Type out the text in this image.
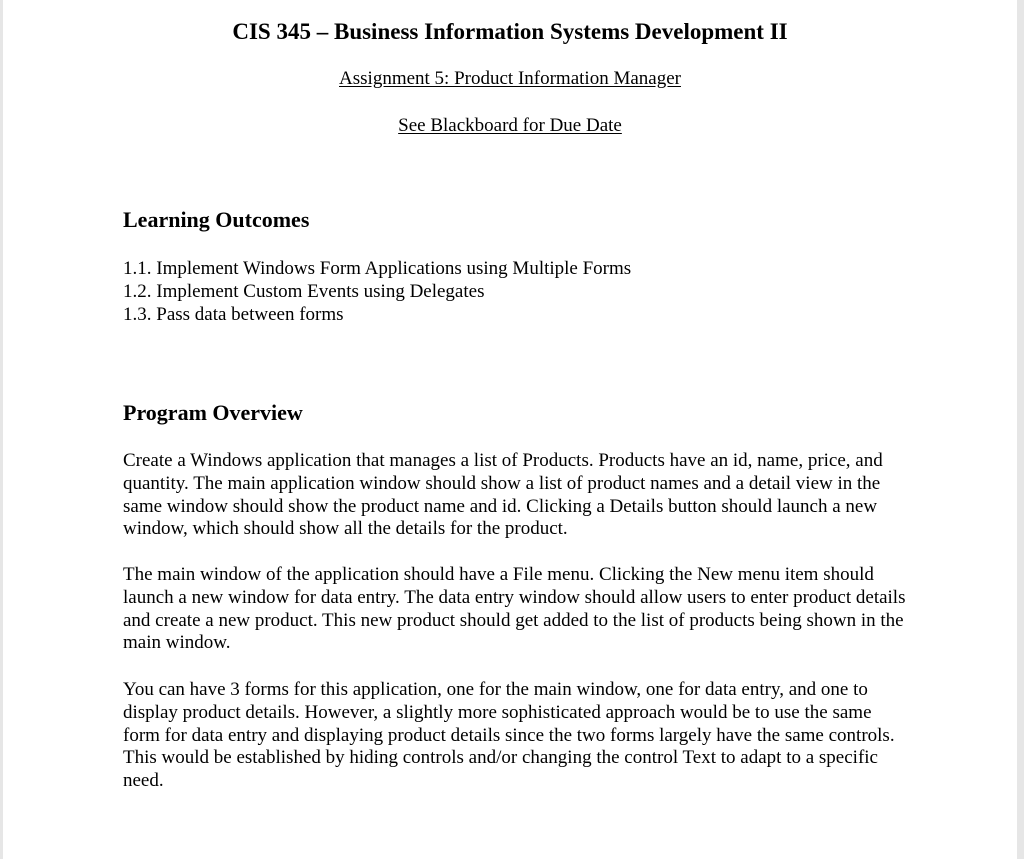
CIS 345 – Business Information Systems Development II

Assignment 5: Product Information Manager

See Blackboard for Due Date

Learning Outcomes
1.1. Implement Windows Form Applications using Multiple Forms
1.2. Implement Custom Events using Delegates
1.3. Pass data between forms
Program Overview

Create a Windows application that manages a list of Products. Products have an id, name, price, and quantity. The main application window should show a list of product names and a detail view in the same window should show the product name and id. Clicking a Details button should launch a new window, which should show all the details for the product.

The main window of the application should have a File menu. Clicking the New menu item should launch a new window for data entry. The data entry window should allow users to enter product details and create a new product. This new product should get added to the list of products being shown in the main window.

You can have 3 forms for this application, one for the main window, one for data entry, and one to display product details. However, a slightly more sophisticated approach would be to use the same form for data entry and displaying product details since the two forms largely have the same controls. This would be established by hiding controls and/or changing the control Text to adapt to a specific need.
